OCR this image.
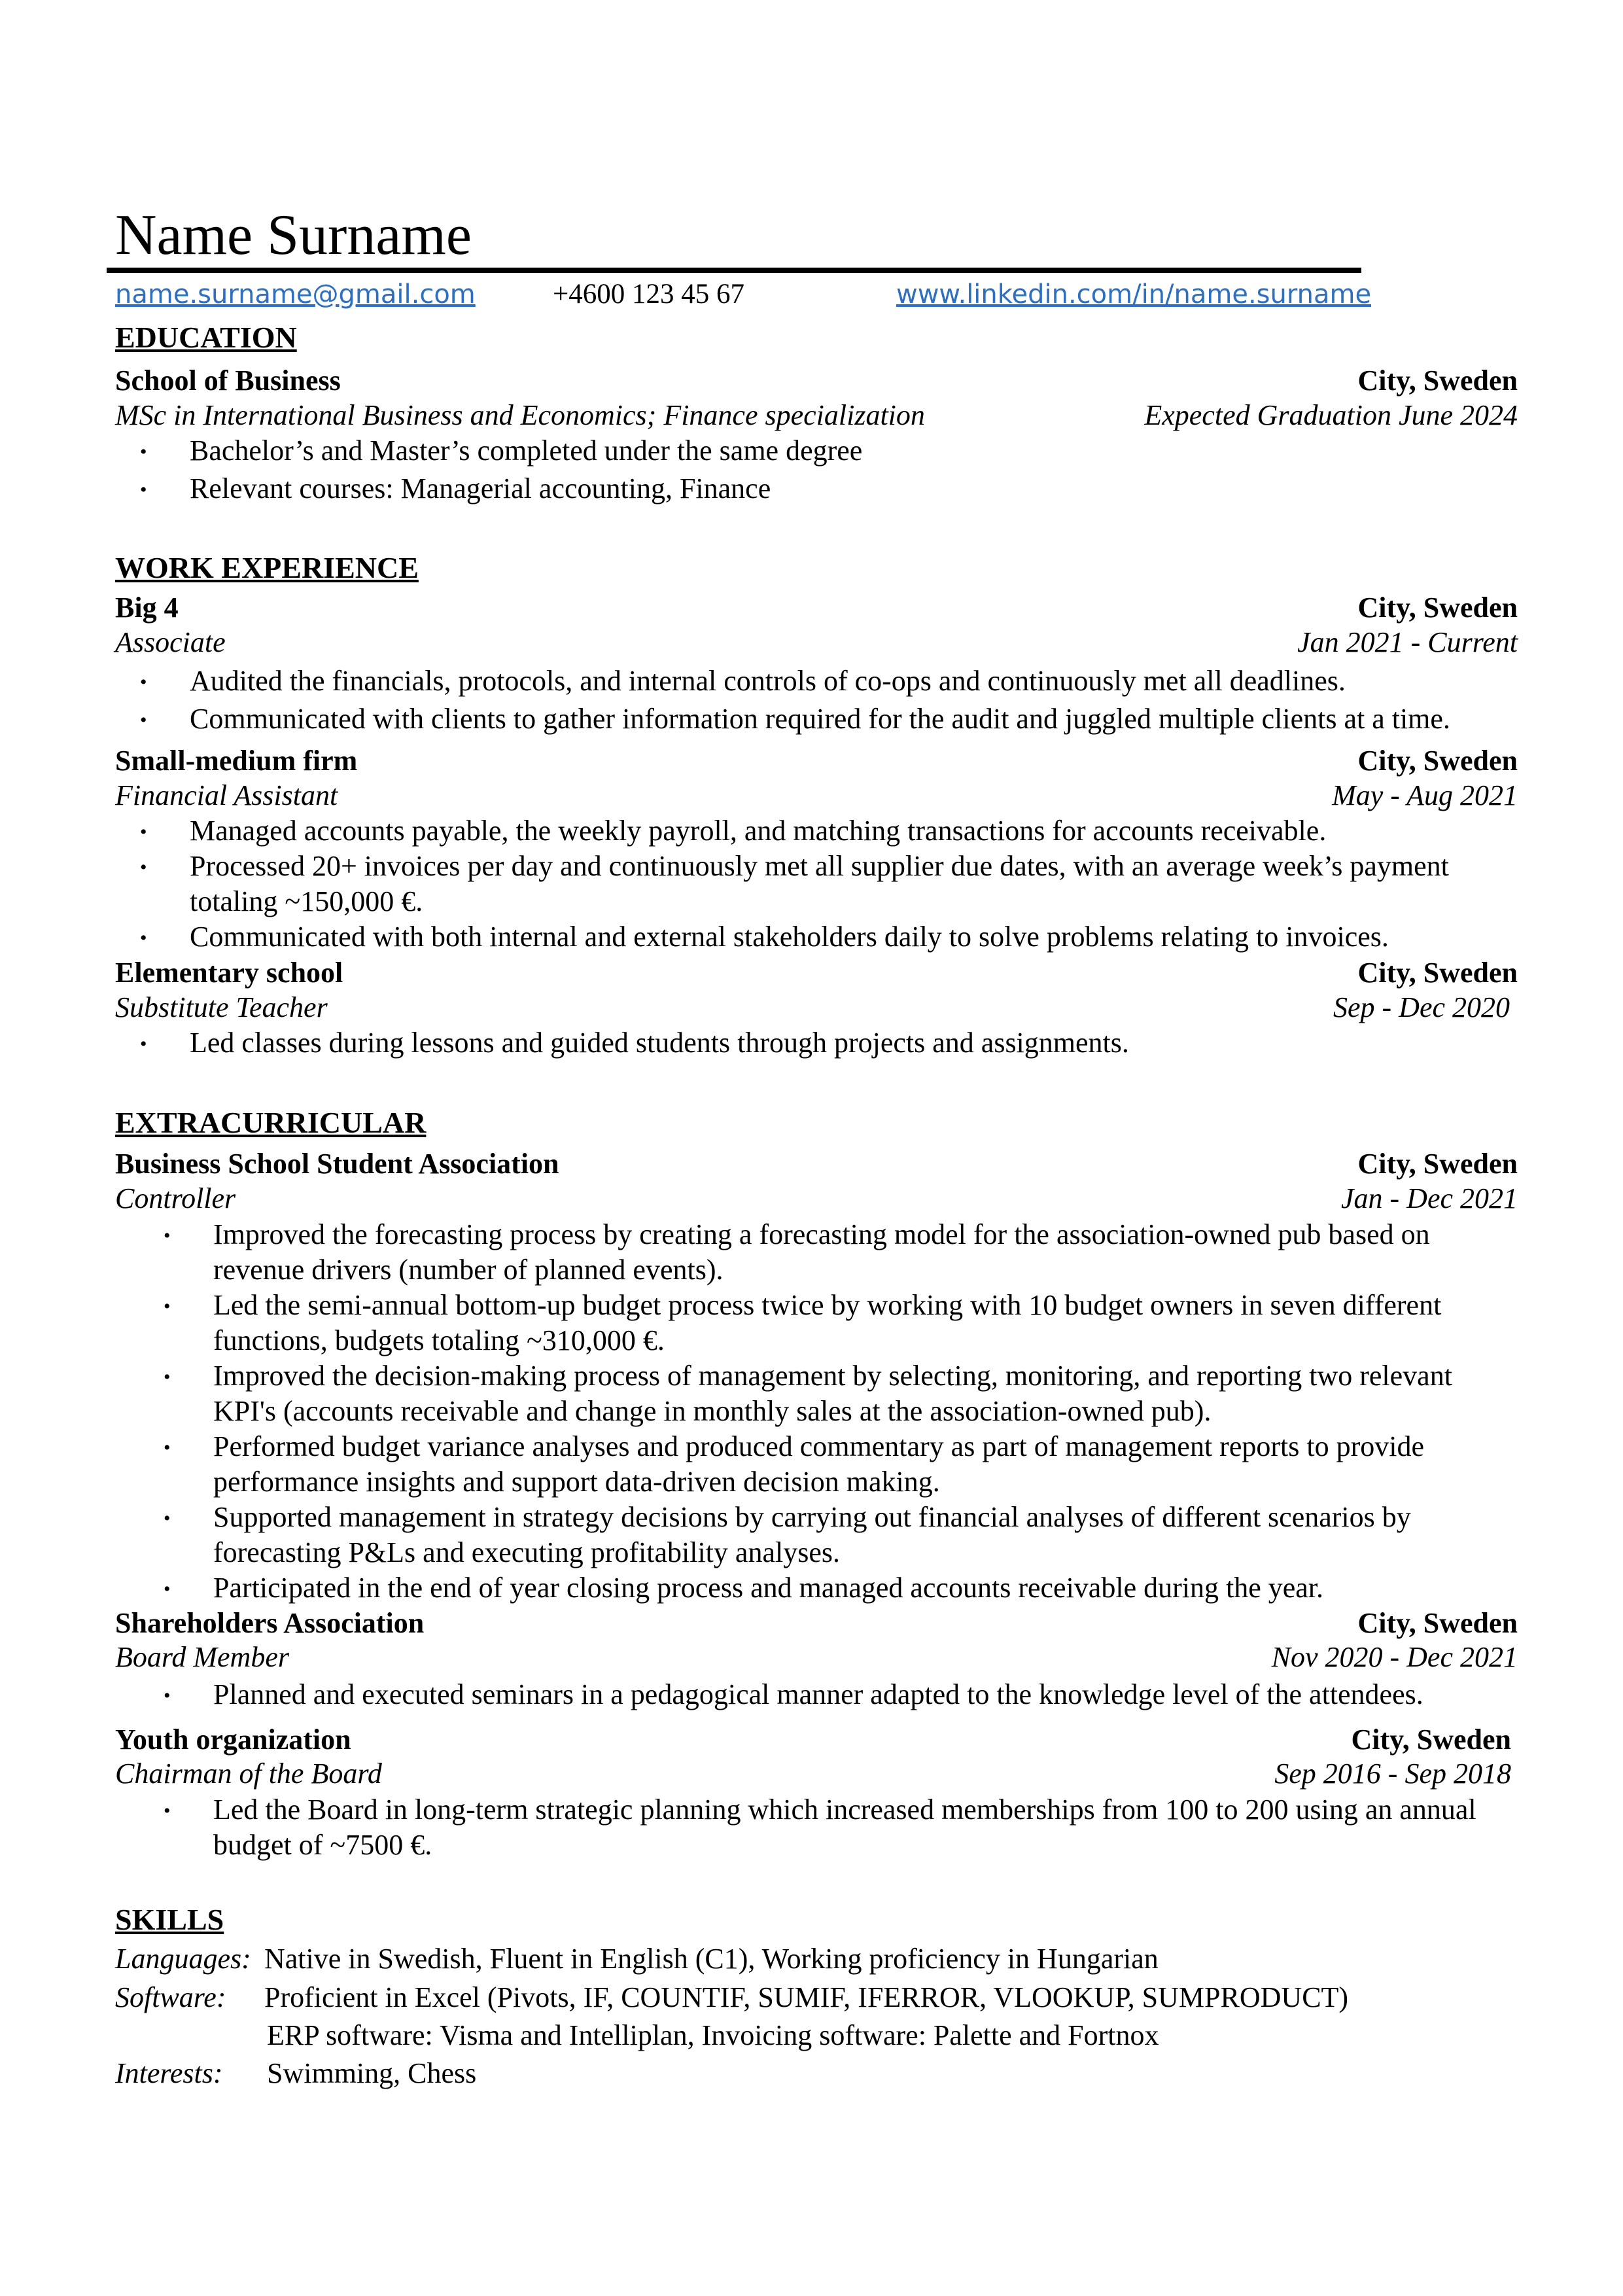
Name Surname
name.surname@gmail.com	+4600 123 45 67	www.linkedin.com/in/name.surname
EDUCATION
School of Business	City, Sweden
MSc in International Business and Economics; Finance specialization	Expected Graduation June 2024
• Bachelor’s and Master’s completed under the same degree
• Relevant courses: Managerial accounting, Finance
WORK EXPERIENCE
Big 4	City, Sweden
Associate	Jan 2021 - Current
• Audited the financials, protocols, and internal controls of co-ops and continuously met all deadlines.
• Communicated with clients to gather information required for the audit and juggled multiple clients at a time.
Small-medium firm	City, Sweden
Financial Assistant	May - Aug 2021
• Managed accounts payable, the weekly payroll, and matching transactions for accounts receivable.
• Processed 20+ invoices per day and continuously met all supplier due dates, with an average week’s payment totaling ~150,000 €.
• Communicated with both internal and external stakeholders daily to solve problems relating to invoices.
Elementary school	City, Sweden
Substitute Teacher	Sep - Dec 2020
• Led classes during lessons and guided students through projects and assignments.
EXTRACURRICULAR
Business School Student Association	City, Sweden
Controller	Jan - Dec 2021
• Improved the forecasting process by creating a forecasting model for the association-owned pub based on revenue drivers (number of planned events).
• Led the semi-annual bottom-up budget process twice by working with 10 budget owners in seven different functions, budgets totaling ~310,000 €.
• Improved the decision-making process of management by selecting, monitoring, and reporting two relevant KPI's (accounts receivable and change in monthly sales at the association-owned pub).
• Performed budget variance analyses and produced commentary as part of management reports to provide performance insights and support data-driven decision making.
• Supported management in strategy decisions by carrying out financial analyses of different scenarios by forecasting P&Ls and executing profitability analyses.
• Participated in the end of year closing process and managed accounts receivable during the year.
Shareholders Association	City, Sweden
Board Member	Nov 2020 - Dec 2021
• Planned and executed seminars in a pedagogical manner adapted to the knowledge level of the attendees.
Youth organization	City, Sweden
Chairman of the Board	Sep 2016 - Sep 2018
• Led the Board in long-term strategic planning which increased memberships from 100 to 200 using an annual budget of ~7500 €.
SKILLS
Languages: Native in Swedish, Fluent in English (C1), Working proficiency in Hungarian
Software: Proficient in Excel (Pivots, IF, COUNTIF, SUMIF, IFERROR, VLOOKUP, SUMPRODUCT)
ERP software: Visma and Intelliplan, Invoicing software: Palette and Fortnox
Interests: Swimming, Chess
